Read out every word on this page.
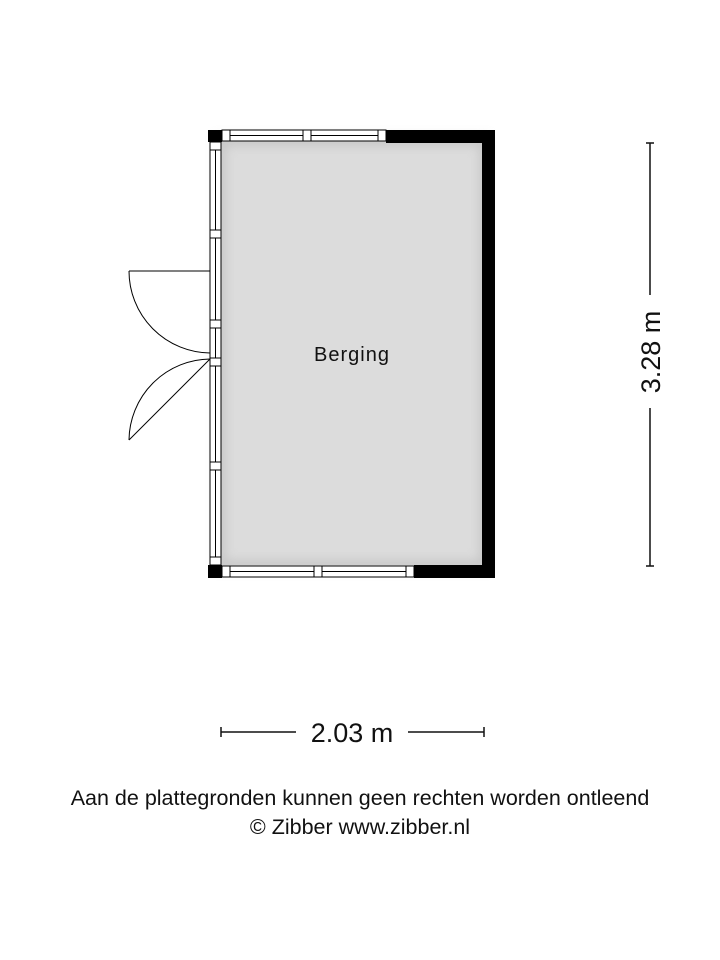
Berging	3.28 m
2.03 m
Aan de plattegronden kunnen geen rechten worden ontleend
© Zibber www.zibber.nl
